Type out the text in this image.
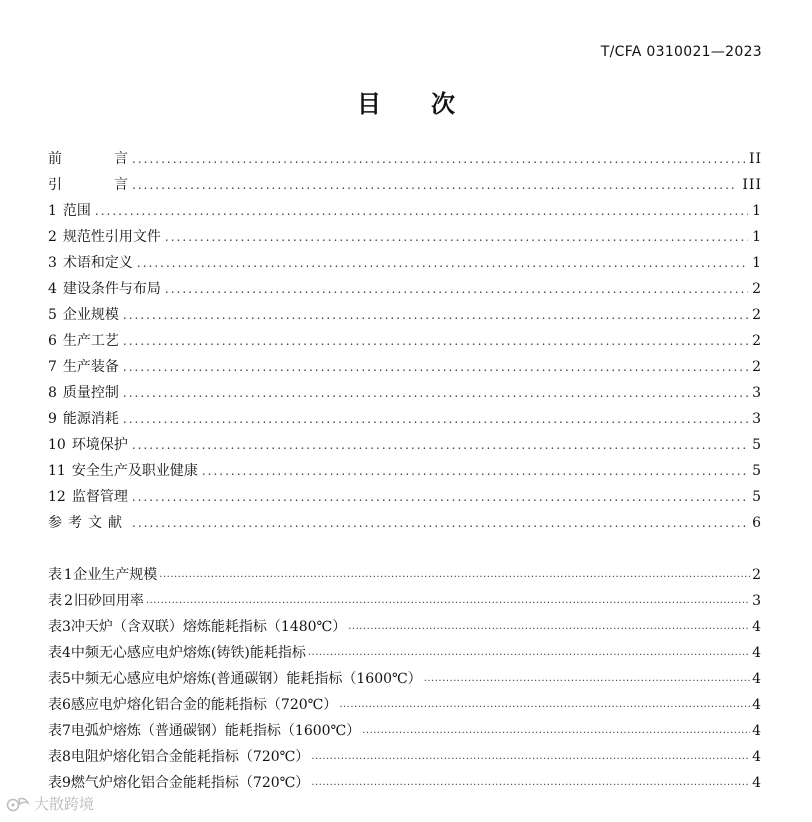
T/CFA 0310021—2023
目次
前	言 .....	II
引	言 .....	III
1 范围 .....	1
2 规范性引用文件 .....	1
3 术语和定义 .....	1
4 建设条件与布局 .....	2
5 企业规模 .....	2
6 生产工艺 .....	2
7 生产装备 .....	2
8 质量控制 .....	3
9 能源消耗 .....	3
10 环境保护 .....	5
11 安全生产及职业健康 .....	5
12 监督管理 .....	5
参考文献 .....	6
表 1 企业生产规模 .....	2
表 2 旧砂回用率 .....	3
表 3 冲天炉（含双联）熔炼能耗指标（1480℃） .....	4
表 4 中频无心感应电炉熔炼(铸铁)能耗指标 .....	4
表 5 中频无心感应电炉熔炼(普通碳钢）能耗指标（1600℃） .....	4
表 6 感应电炉熔化铝合金的能耗指标（720℃） .....	4
表 7 电弧炉熔炼（普通碳钢）能耗指标（1600℃） .....	4
表 8 电阻炉熔化铝合金能耗指标（720℃） .....	4
表 9 燃气炉熔化铝合金能耗指标（720℃） .....	4
大散跨境
